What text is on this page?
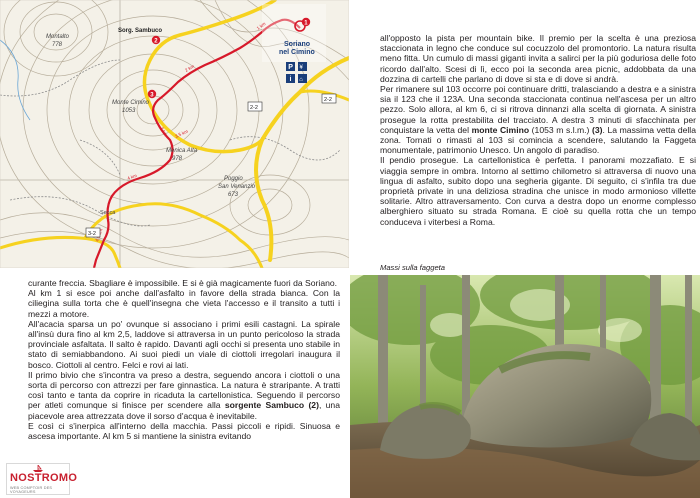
Montalto
778
Sorg. Sambuco
Soriano
nel Cimino
Monte Cimino
1053
Menica Alta
978
Poggio
San Venanzio
673
Secca
1 km
2 km
3 km 3,5 km
4 km
4,5
1
2
3
2-2
3-2
2-2
P ¥
i ⌂

all'opposto la pista per mountain bike. Il premio per la scelta è una preziosa staccionata in legno che conduce sul cocuzzolo del promontorio. La natura risulta meno fitta. Un cumulo di massi giganti invita a salirci per la più goduriosa delle foto ricordo dall'alto. Scesi di lì, ecco poi la seconda area picnic, addobbata da una dozzina di cartelli che parlano di dove si sta e di dove si andrà.

Per rimanere sul 103 occorre poi continuare dritti, tralasciando a destra e a sinistra sia il 123 che il 123A. Una seconda staccionata continua nell'ascesa per un altro pezzo. Solo allora, al km 6, ci si ritrova dinnanzi alla scelta di giornata. A sinistra prosegue la rotta prestabilita del tracciato. A destra 3 minuti di sfacchinata per conquistare la vetta del monte Cimino (1053 m s.l.m.) (3). La massima vetta della zona. Tornati o rimasti al 103 si comincia a scendere, salutando la Faggeta monumentale, patrimonio Unesco. Un angolo di paradiso.

Il pendio prosegue. La cartellonistica è perfetta. I panorami mozzafiato. E si viaggia sempre in ombra. Intorno al settimo chilometro si attraversa di nuovo una lingua di asfalto, subito dopo una segheria gigante. Di seguito, ci s'infila tra due proprietà private in una deliziosa stradina che unisce in modo armonioso villette solitarie. Altro attraversamento. Con curva a destra dopo un enorme complesso alberghiero situato su strada Romana. E cioè su quella rotta che un tempo conduceva i viterbesi a Roma.

Massi sulla faggeta

curante freccia. Sbagliare è impossibile. E si è già magicamente fuori da Soriano.

Al km 1 si esce poi anche dall'asfalto in favore della strada bianca. Con la ciliegina sulla torta che è quell'insegna che vieta l'accesso e il transito a tutti i mezzi a motore.

All'acacia sparsa un po' ovunque si associano i primi esili castagni. La spirale all'insù dura fino al km 2,5, laddove si attraversa in un punto pericoloso la strada provinciale asfaltata. Il salto è rapido. Davanti agli occhi si presenta uno stabile in stato di semiabbandono. Ai suoi piedi un viale di ciottoli irregolari inaugura il bosco. Ciottoli al centro. Felci e rovi ai lati.

Il primo bivio che s'incontra va preso a destra, seguendo ancora i ciottoli o una sorta di percorso con attrezzi per fare ginnastica. La natura è straripante. A tratti così tanto e tanta da coprire in ricaduta la cartellonistica. Seguendo il percorso per atleti comunque si finisce per scendere alla sorgente Sambuco (2), una piacevole area attrezzata dove il sorso d'acqua è inevitabile.

E così ci s'inerpica all'interno della macchia. Passi piccoli e ripidi. Sinuosa e ascesa importante. Al km 5 si mantiene la sinistra evitando

NOSTROMO
WEB COMPTOIR DES VOYAGEURS
